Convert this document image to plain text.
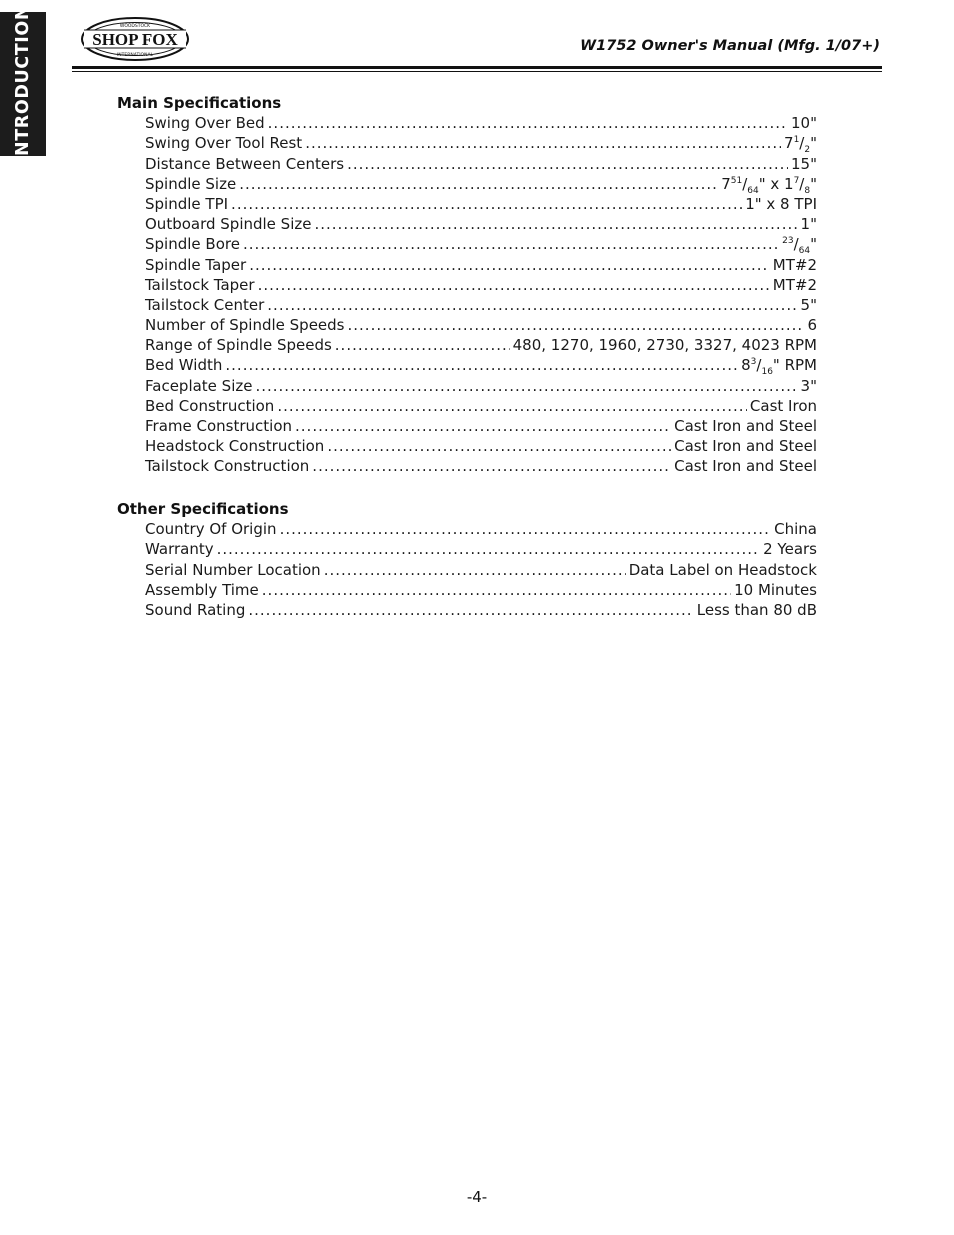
INTRODUCTION	SHOP FOX
WOODSTOCK
INTERNATIONAL
W1752 Owner's Manual (Mfg. 1/07+)
Main Specifications
Swing Over Bed .....	10"
Swing Over Tool Rest .....	$7^1/_2$"
Distance Between Centers .....	15"
Spindle Size .....	$7^{51}/_{64}$" x $1^7/_8$"
Spindle TPI .....	1" x 8 TPI
Outboard Spindle Size .....	1"
Spindle Bore .....	$^{23}/_{64}$"
Spindle Taper .....	MT#2
Tailstock Taper .....	MT#2
Tailstock Center .....	5"
Number of Spindle Speeds .....	6
Range of Spindle Speeds .....	480, 1270, 1960, 2730, 3327, 4023 RPM
Bed Width .....	$8^3/_{16}$" RPM
Faceplate Size .....	3"
Bed Construction .....	Cast Iron
Frame Construction .....	Cast Iron and Steel
Headstock Construction .....	Cast Iron and Steel
Tailstock Construction .....	Cast Iron and Steel
Other Specifications
Country Of Origin .....	China
Warranty .....	2 Years
Serial Number Location .....	Data Label on Headstock
Assembly Time .....	10 Minutes
Sound Rating .....	Less than 80 dB
-4-
